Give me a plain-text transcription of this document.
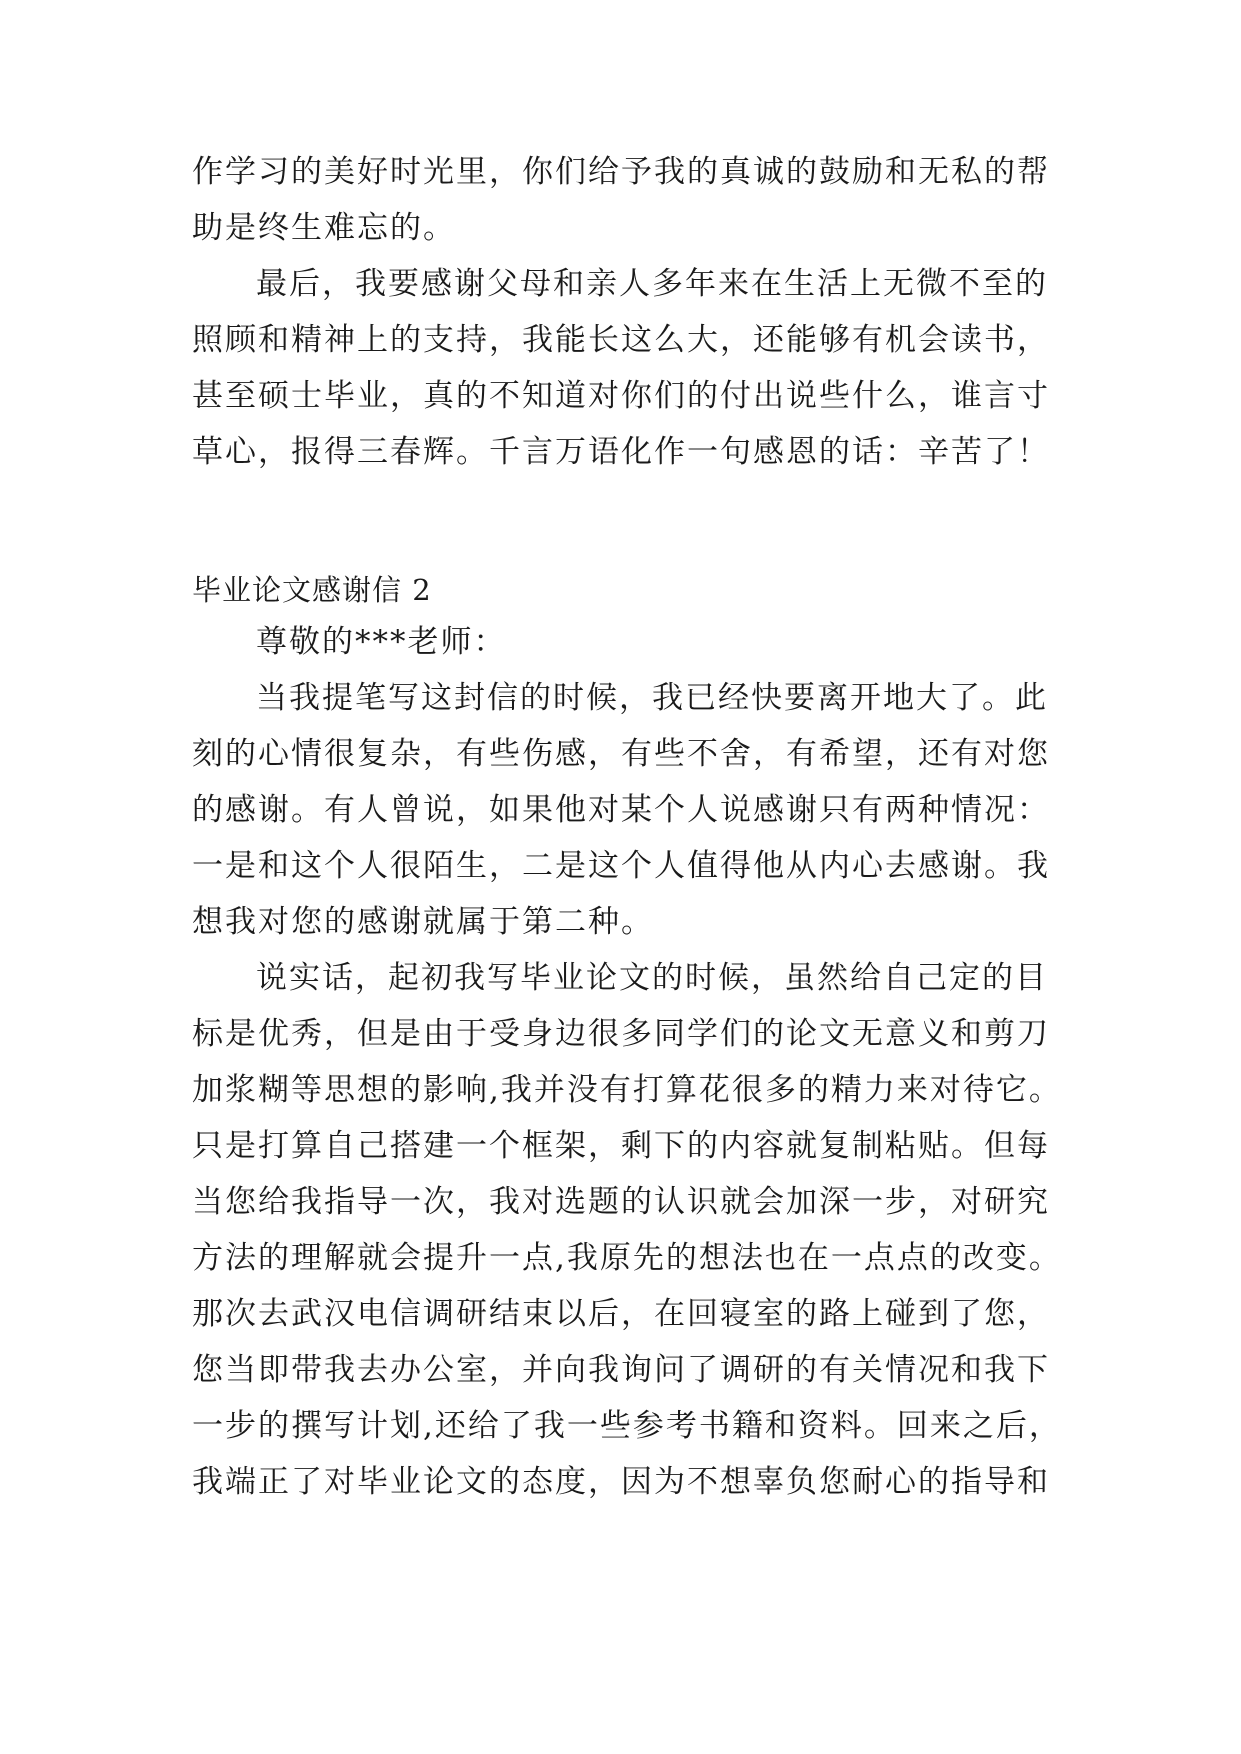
作学习的美好时光里，你们给予我的真诚的鼓励和无私的帮
助是终生难忘的。
最后，我要感谢父母和亲人多年来在生活上无微不至的
照顾和精神上的支持，我能长这么大，还能够有机会读书，
甚至硕士毕业，真的不知道对你们的付出说些什么，谁言寸
草心，报得三春辉。千言万语化作一句感恩的话：辛苦了！
毕业论文感谢信 2
尊敬的***老师：
当我提笔写这封信的时候，我已经快要离开地大了。此
刻的心情很复杂，有些伤感，有些不舍，有希望，还有对您
的感谢。有人曾说，如果他对某个人说感谢只有两种情况：
一是和这个人很陌生，二是这个人值得他从内心去感谢。我
想我对您的感谢就属于第二种。
说实话，起初我写毕业论文的时候，虽然给自己定的目
标是优秀，但是由于受身边很多同学们的论文无意义和剪刀
加浆糊等思想的影响,我并没有打算花很多的精力来对待它。
只是打算自己搭建一个框架，剩下的内容就复制粘贴。但每
当您给我指导一次，我对选题的认识就会加深一步，对研究
方法的理解就会提升一点,我原先的想法也在一点点的改变。
那次去武汉电信调研结束以后，在回寝室的路上碰到了您，
您当即带我去办公室，并向我询问了调研的有关情况和我下
一步的撰写计划,还给了我一些参考书籍和资料。回来之后，
我端正了对毕业论文的态度，因为不想辜负您耐心的指导和
